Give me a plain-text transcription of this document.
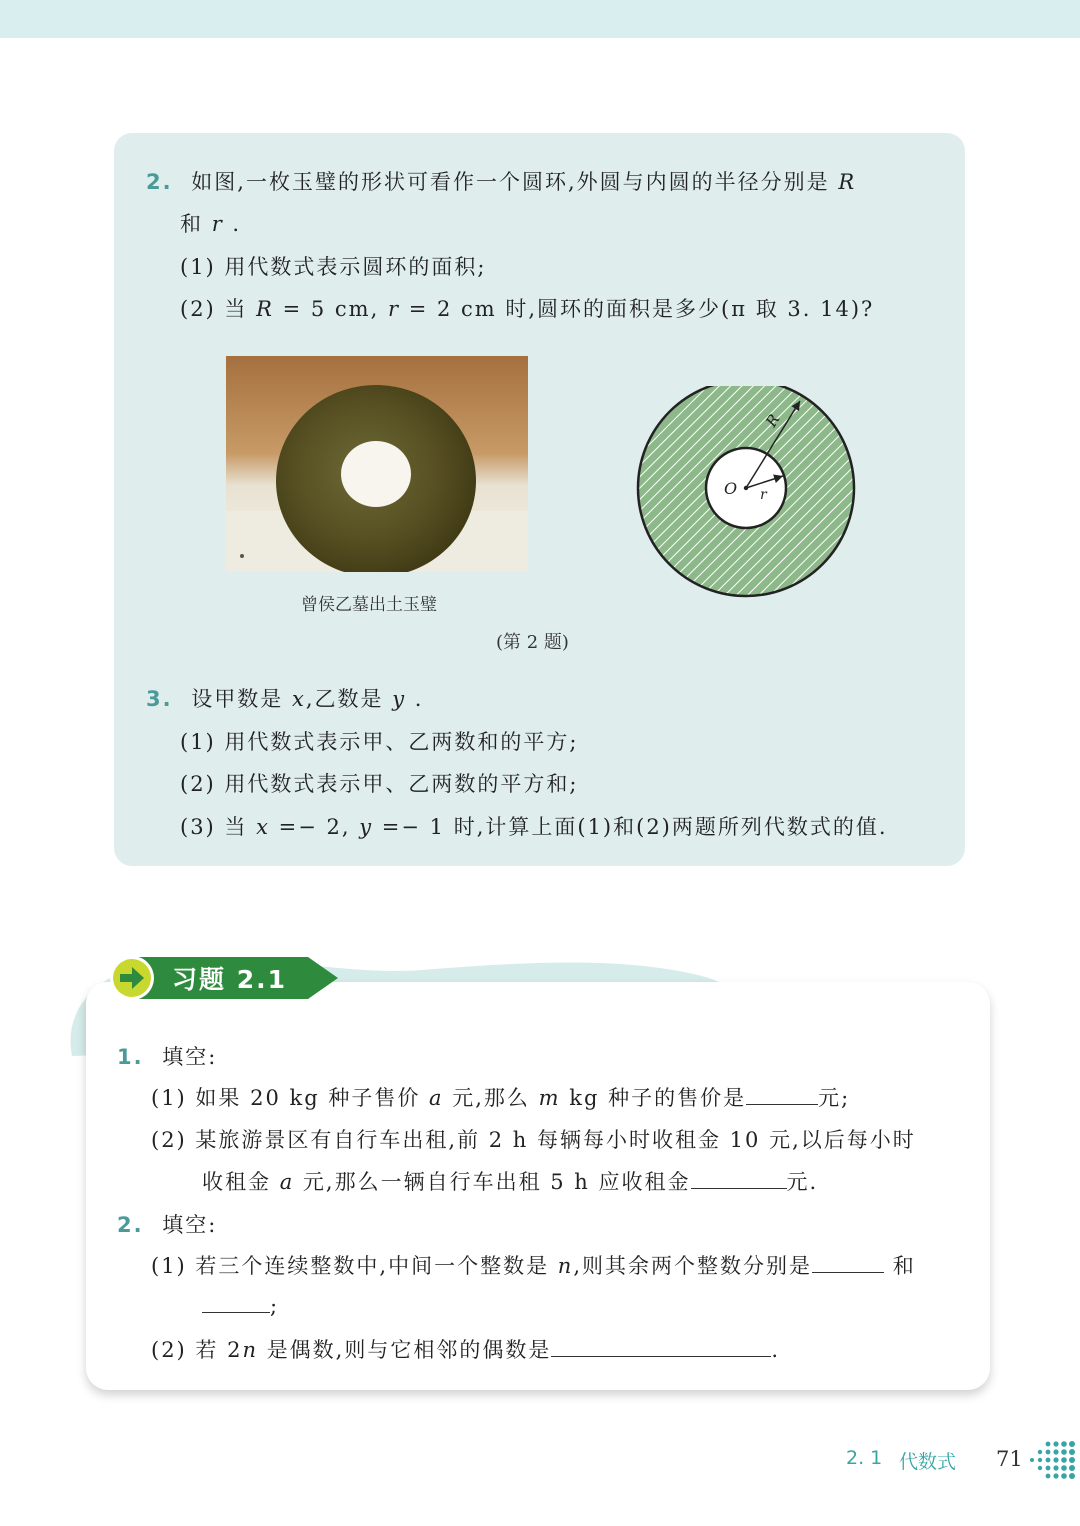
2. 如图,一枚玉璧的形状可看作一个圆环,外圆与内圆的半径分别是 R
和 r .
(1) 用代数式表示圆环的面积;
(2) 当 R = 5 cm, r = 2 cm 时,圆环的面积是多少(π 取 3. 14)?
曾侯乙墓出土玉璧
O
R
r
(第 2 题)
3. 设甲数是 x,乙数是 y .
(1) 用代数式表示甲、乙两数和的平方;
(2) 用代数式表示甲、乙两数的平方和;
(3) 当 x =− 2, y =− 1 时,计算上面(1)和(2)两题所列代数式的值.
习题 2.1
1. 填空:
(1) 如果 20 kg 种子售价 a 元,那么 m kg 种子的售价是	元;
(2) 某旅游景区有自行车出租,前 2 h 每辆每小时收租金 10 元,以后每小时
收租金 a 元,那么一辆自行车出租 5 h 应收租金	元.
2. 填空:
(1) 若三个连续整数中,中间一个整数是 n,则其余两个整数分别是	和
;
(2) 若 2n 是偶数,则与它相邻的偶数是	.
2. 1 代数式 71
